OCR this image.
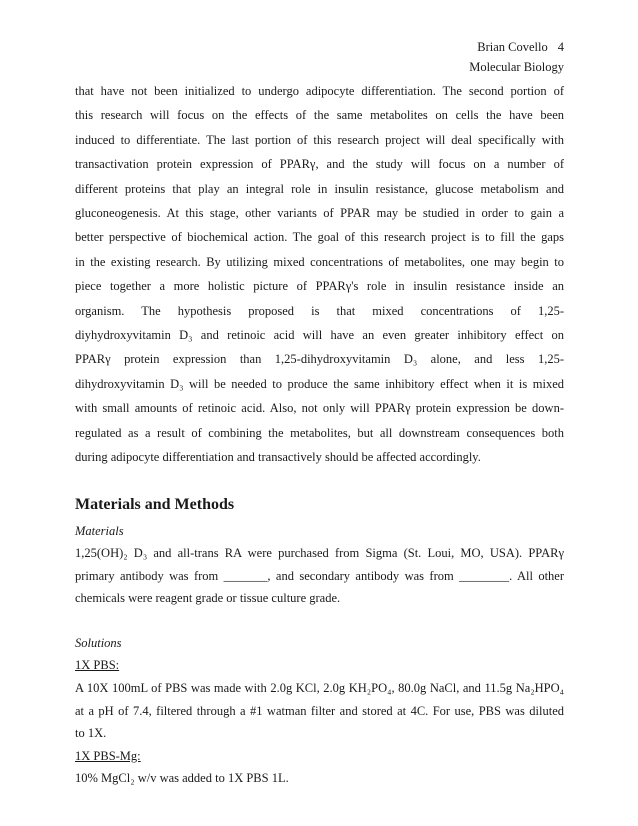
Brian Covello 4
Molecular Biology

that have not been initialized to undergo adipocyte differentiation. The second portion of
this research will focus on the effects of the same metabolites on cells the have been
induced to differentiate. The last portion of this research project will deal specifically with
transactivation protein expression of PPARγ, and the study will focus on a number of
different proteins that play an integral role in insulin resistance, glucose metabolism and
gluconeogenesis. At this stage, other variants of PPAR may be studied in order to gain a
better perspective of biochemical action. The goal of this research project is to fill the gaps
in the existing research. By utilizing mixed concentrations of metabolites, one may begin to
piece together a more holistic picture of PPARγ's role in insulin resistance inside an
organism. The hypothesis proposed is that mixed concentrations of 1,25-
diyhydroxyvitamin D₃ and retinoic acid will have an even greater inhibitory effect on
PPARγ protein expression than 1,25-dihydroxyvitamin D₃ alone, and less 1,25-
dihydroxyvitamin D₃ will be needed to produce the same inhibitory effect when it is mixed
with small amounts of retinoic acid. Also, not only will PPARγ protein expression be down-
regulated as a result of combining the metabolites, but all downstream consequences both
during adipocyte differentiation and transactively should be affected accordingly.

Materials and Methods
Materials

1,25(OH)₂ D₃ and all-trans RA were purchased from Sigma (St. Loui, MO, USA). PPARγ
primary antibody was from _______, and secondary antibody was from ________. All other
chemicals were reagent grade or tissue culture grade.

Solutions
1X PBS:

A 10X 100mL of PBS was made with 2.0g KCl, 2.0g KH₂PO₄, 80.0g NaCl, and 11.5g Na₂HPO₄
at a pH of 7.4, filtered through a #1 watman filter and stored at 4C. For use, PBS was diluted
to 1X.

1X PBS-Mg:
10% MgCl₂ w/v was added to 1X PBS 1L.
